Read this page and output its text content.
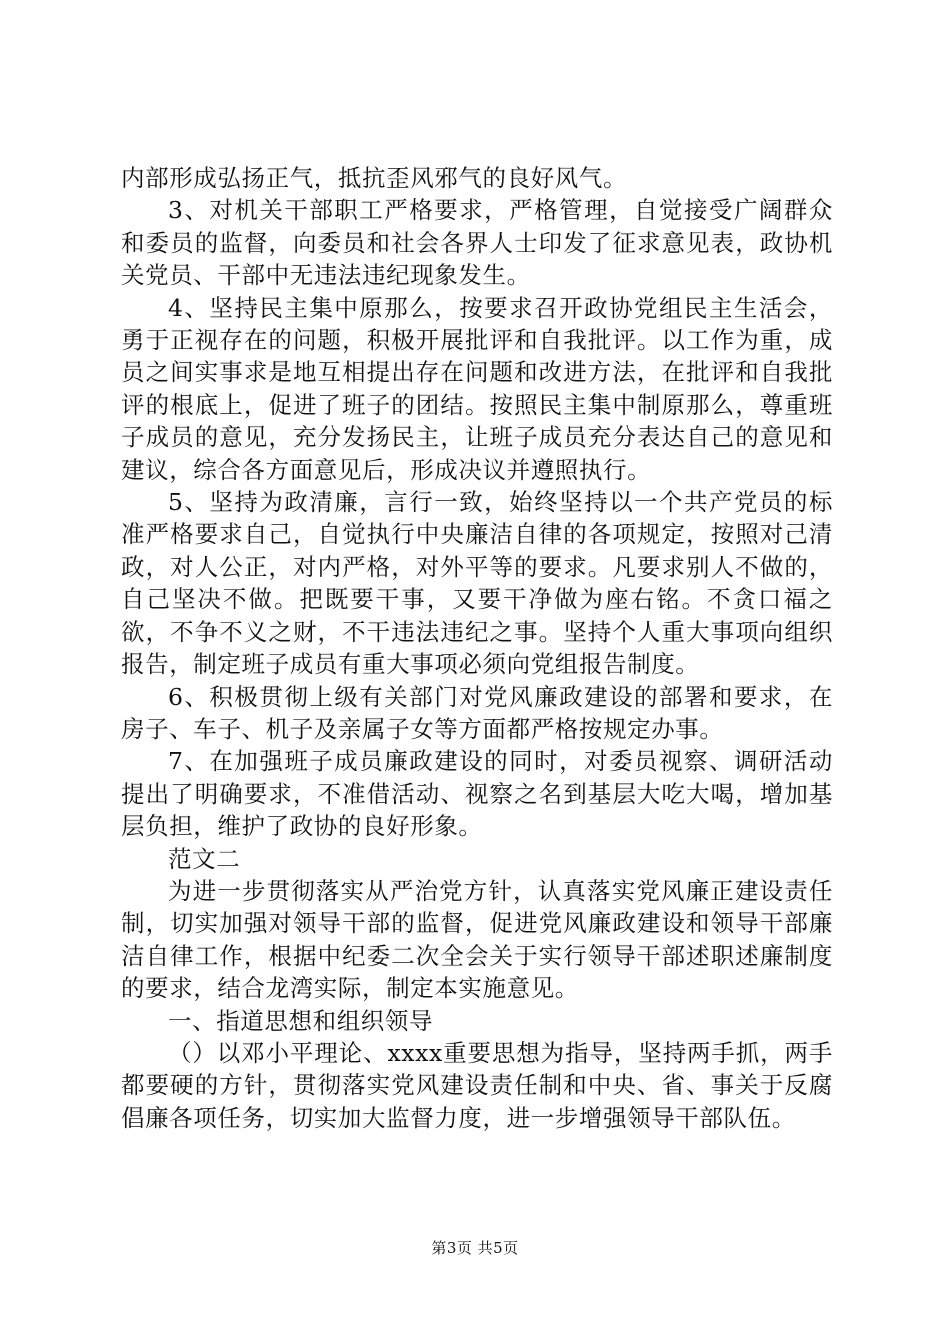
内部形成弘扬正气，抵抗歪风邪气的良好风气。

3、对机关干部职工严格要求，严格管理，自觉接受广阔群众和委员的监督，向委员和社会各界人士印发了征求意见表，政协机关党员、干部中无违法违纪现象发生。

4、坚持民主集中原那么，按要求召开政协党组民主生活会，勇于正视存在的问题，积极开展批评和自我批评。以工作为重，成员之间实事求是地互相提出存在问题和改进方法，在批评和自我批评的根底上，促进了班子的团结。按照民主集中制原那么，尊重班子成员的意见，充分发扬民主，让班子成员充分表达自己的意见和建议，综合各方面意见后，形成决议并遵照执行。

5、坚持为政清廉，言行一致，始终坚持以一个共产党员的标准严格要求自己，自觉执行中央廉洁自律的各项规定，按照对己清政，对人公正，对内严格，对外平等的要求。凡要求别人不做的，自己坚决不做。把既要干事，又要干净做为座右铭。不贪口福之欲，不争不义之财，不干违法违纪之事。坚持个人重大事项向组织报告，制定班子成员有重大事项必须向党组报告制度。

6、积极贯彻上级有关部门对党风廉政建设的部署和要求，在房子、车子、机子及亲属子女等方面都严格按规定办事。

7、在加强班子成员廉政建设的同时，对委员视察、调研活动提出了明确要求，不准借活动、视察之名到基层大吃大喝，增加基层负担，维护了政协的良好形象。

范文二

为进一步贯彻落实从严治党方针，认真落实党风廉正建设责任制，切实加强对领导干部的监督，促进党风廉政建设和领导干部廉洁自律工作，根据中纪委二次全会关于实行领导干部述职述廉制度的要求，结合龙湾实际，制定本实施意见。

一、指道思想和组织领导

（）以邓小平理论、xxxx重要思想为指导，坚持两手抓，两手都要硬的方针，贯彻落实党风建设责任制和中央、省、事关于反腐倡廉各项任务，切实加大监督力度，进一步增强领导干部队伍。

第3页 共5页
